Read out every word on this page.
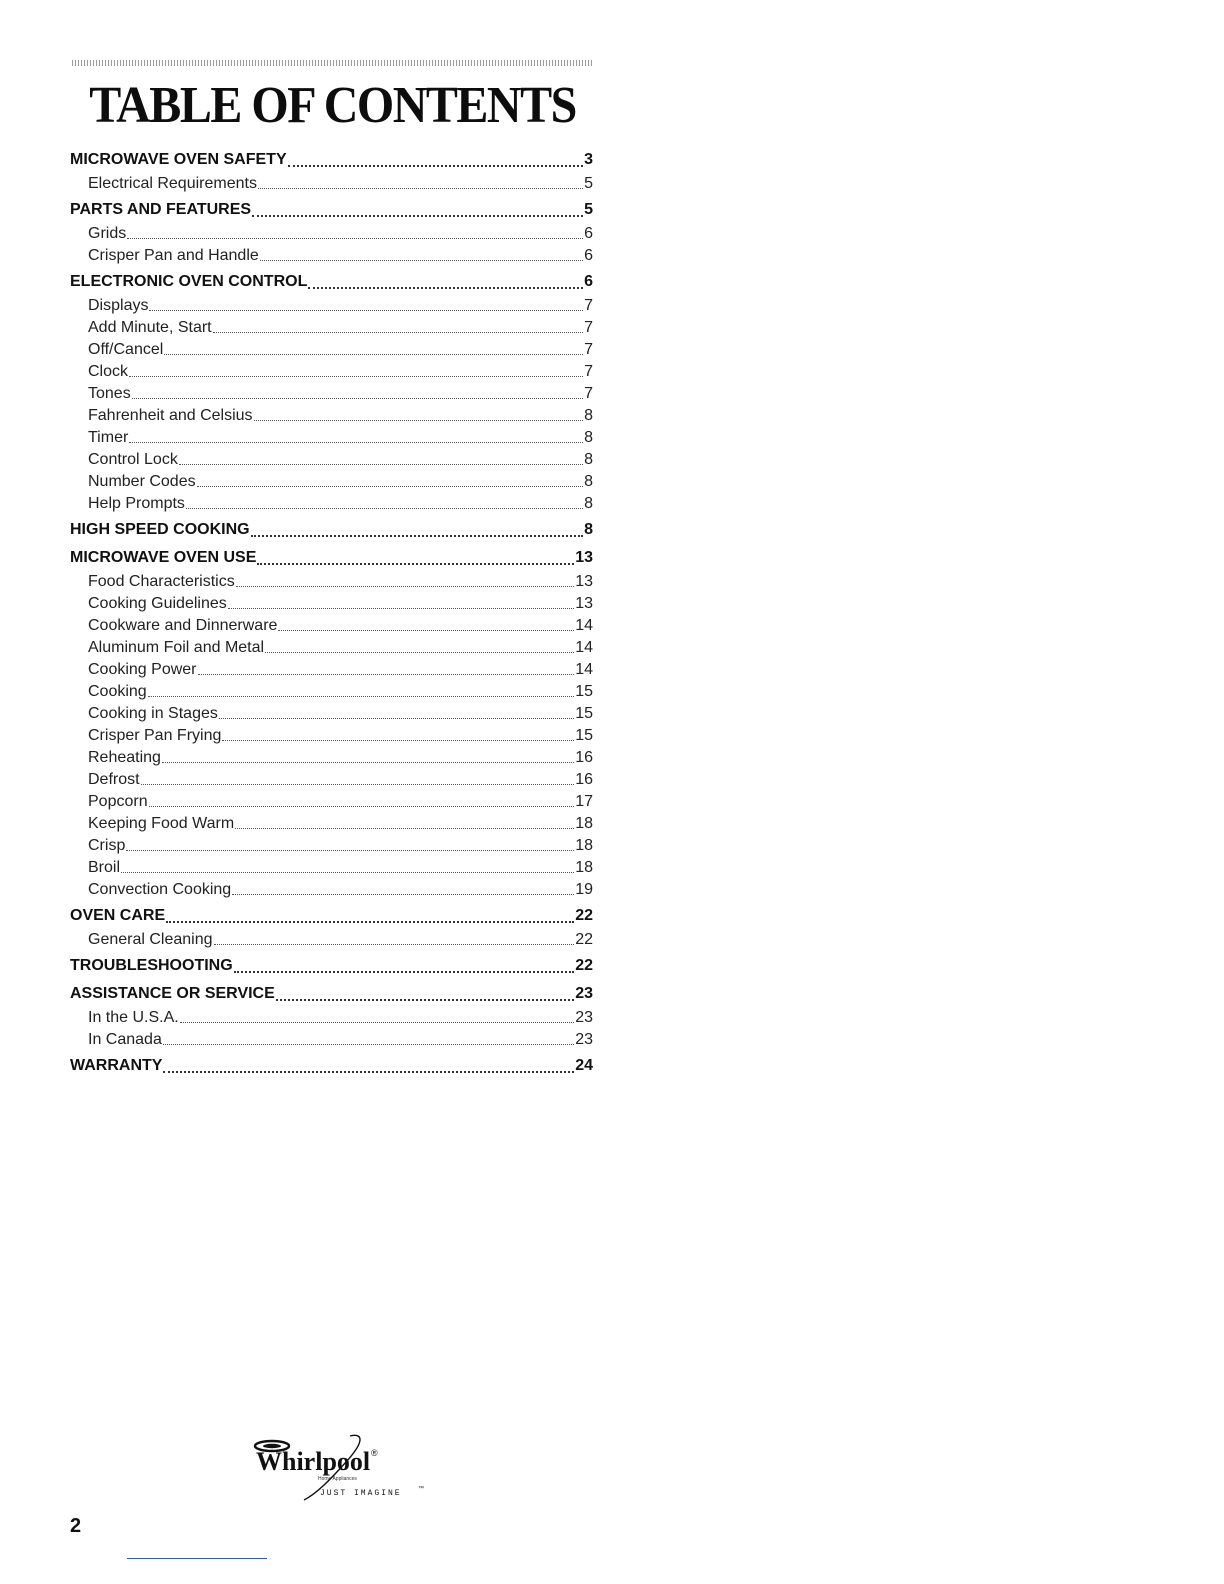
TABLE OF CONTENTS
MICROWAVE OVEN SAFETY	3
Electrical Requirements	5
PARTS AND FEATURES	5
Grids	6
Crisper Pan and Handle	6
ELECTRONIC OVEN CONTROL	6
Displays	7
Add Minute, Start	7
Off/Cancel	7
Clock	7
Tones	7
Fahrenheit and Celsius	8
Timer	8
Control Lock	8
Number Codes	8
Help Prompts	8
HIGH SPEED COOKING	8
MICROWAVE OVEN USE	13
Food Characteristics	13
Cooking Guidelines	13
Cookware and Dinnerware	14
Aluminum Foil and Metal	14
Cooking Power	14
Cooking	15
Cooking in Stages	15
Crisper Pan Frying	15
Reheating	16
Defrost	16
Popcorn	17
Keeping Food Warm	18
Crisp	18
Broil	18
Convection Cooking	19
OVEN CARE	22
General Cleaning	22
TROUBLESHOOTING	22
ASSISTANCE OR SERVICE	23
In the U.S.A.	23
In Canada	23
WARRANTY	24
Whirlpool ®
Home Appliances
JUST IMAGINE	™
2
